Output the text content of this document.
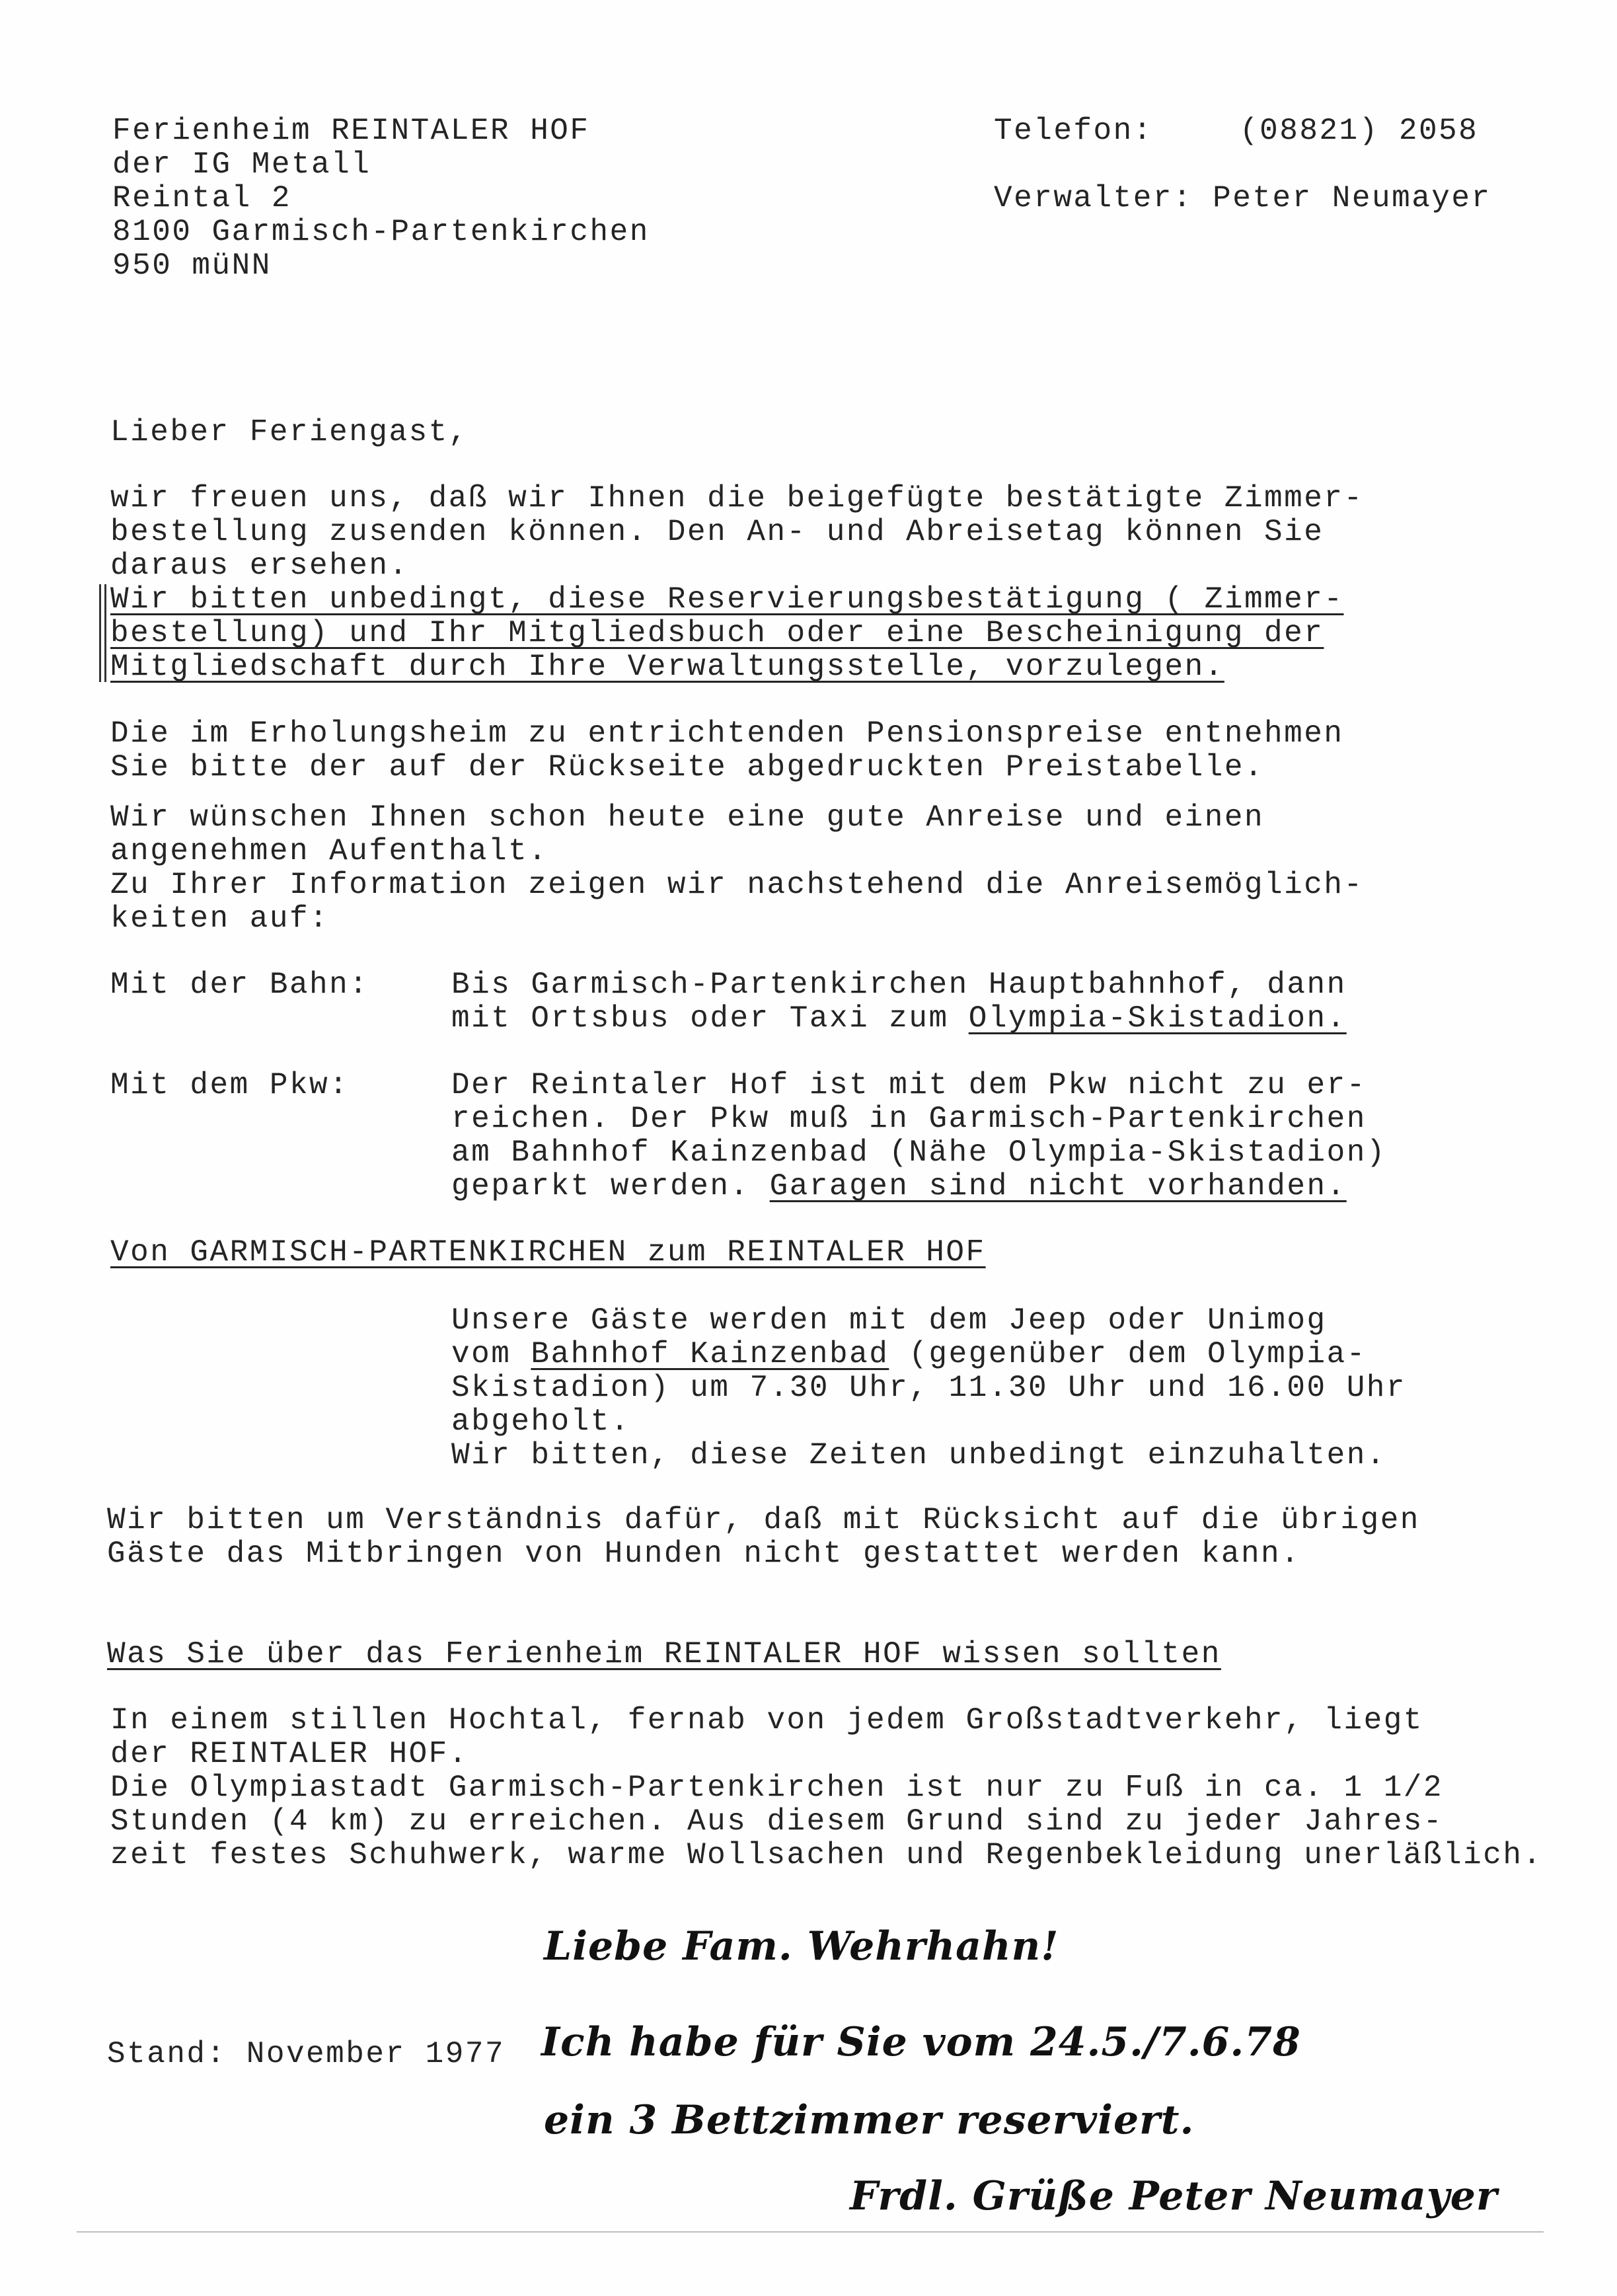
Ferienheim REINTALER HOF
der IG Metall
Reintal 2
8100 Garmisch-Partenkirchen
950 müNN
Telefon:	(08821) 2058
Verwalter: Peter Neumayer
Lieber Feriengast,
wir freuen uns, daß wir Ihnen die beigefügte bestätigte Zimmer-
bestellung zusenden können. Den An- und Abreisetag können Sie
daraus ersehen.
Wir bitten unbedingt, diese Reservierungsbestätigung ( Zimmer-
bestellung) und Ihr Mitgliedsbuch oder eine Bescheinigung der
Mitgliedschaft durch Ihre Verwaltungsstelle, vorzulegen.
Die im Erholungsheim zu entrichtenden Pensionspreise entnehmen
Sie bitte der auf der Rückseite abgedruckten Preistabelle.
Wir wünschen Ihnen schon heute eine gute Anreise und einen
angenehmen Aufenthalt.
Zu Ihrer Information zeigen wir nachstehend die Anreisemöglich-
keiten auf:
Mit der Bahn:	Bis Garmisch-Partenkirchen Hauptbahnhof, dann
mit Ortsbus oder Taxi zum Olympia-Skistadion.
Mit dem Pkw:	Der Reintaler Hof ist mit dem Pkw nicht zu er-
reichen. Der Pkw muß in Garmisch-Partenkirchen
am Bahnhof Kainzenbad (Nähe Olympia-Skistadion)
geparkt werden. Garagen sind nicht vorhanden.
Von GARMISCH-PARTENKIRCHEN zum REINTALER HOF
Unsere Gäste werden mit dem Jeep oder Unimog
vom Bahnhof Kainzenbad (gegenüber dem Olympia-
Skistadion) um 7.30 Uhr, 11.30 Uhr und 16.00 Uhr
abgeholt.
Wir bitten, diese Zeiten unbedingt einzuhalten.
Wir bitten um Verständnis dafür, daß mit Rücksicht auf die übrigen
Gäste das Mitbringen von Hunden nicht gestattet werden kann.
Was Sie über das Ferienheim REINTALER HOF wissen sollten
In einem stillen Hochtal, fernab von jedem Großstadtverkehr, liegt
der REINTALER HOF.
Die Olympiastadt Garmisch-Partenkirchen ist nur zu Fuß in ca. 1 1/2
Stunden (4 km) zu erreichen. Aus diesem Grund sind zu jeder Jahres-
zeit festes Schuhwerk, warme Wollsachen und Regenbekleidung unerläßlich.
Stand: November 1977
Liebe Fam. Wehrhahn!
Ich habe für Sie vom 24.5./7.6.78
ein 3 Bettzimmer reserviert.
Frdl. Grüße Peter Neumayer
